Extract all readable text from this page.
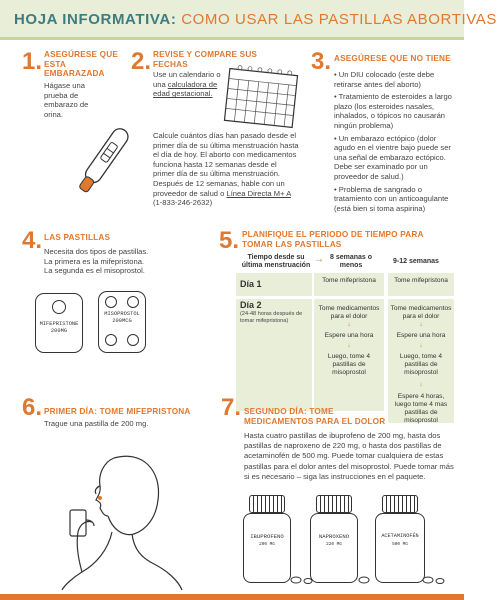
HOJA INFORMATIVA: COMO USAR LAS PASTILLAS ABORTIVAS
1. ASEGÚRESE QUE ESTA EMBARAZADA
Hágase una prueba de embarazo de orina.
2. REVISE Y COMPARE SUS FECHAS
Use un calendario o una calculadora de edad gestacional.
Calcule cuántos días han pasado desde el primer día de su última menstruación hasta el día de hoy. El aborto con medicamentos funciona hasta 12 semanas desde el primer día de su última menstruación. Después de 12 semanas, hable con un proveedor de salud o Línea Directa M+ A (1-833-246-2632)
3. ASEGÚRESE QUE NO TIENE
• Un DIU colocado (este debe retirarse antes del aborto)
• Tratamiento de esteroides a largo plazo (los esteroides nasales, inhalados, o tópicos no causarán ningún problema)
• Un embarazo ectópico (dolor agudo en el vientre bajo puede ser una señal de embarazo ectópico. Debe ser examinado por un proveedor de salud.)
• Problema de sangrado o tratamiento con un anticoagulante (está bien si toma aspirina)
4. LAS PASTILLAS
Necesita dos tipos de pastillas. La primera es la mifepristona. La segunda es el misoprostol.
MIFEPRISTONE 200MG
MISOPROSTOL 200MCG
5. PLANIFIQUE EL PERIODO DE TIEMPO PARA TOMAR LAS PASTILLAS
Tiempo desde su última menstruación
→ 8 semanas o menos
9-12 semanas
Día 1
Día 2
(24-48 horas después de tomar mifepristona)
Tome mifepristona	Tome mifepristona
Tome medicamentos para el dolor
↓
Espere una hora
↓
Luego, tome 4 pastillas de misoprostol
Tome medicamentos para el dolor
↓
Espere una hora
↓
Luego, tome 4 pastillas de misoprostol
↓
Espere 4 horas, luego tome 4 mas pastillas de misoprostol
6. PRIMER DÍA: TOME MIFEPRISTONA
Trague una pastilla de 200 mg.
7. SEGUNDO DÍA: TOME MEDICAMENTOS PARA EL DOLOR
Hasta cuatro pastillas de ibuprofeno de 200 mg, hasta dos pastillas de naproxeno de 220 mg, o hasta dos pastillas de acetaminofén de 500 mg. Puede tomar cualquiera de estas pastillas para el dolor antes del misoprostol. Puede tomar más si es necesario – siga las instrucciones en el paquete.
IBUPROFENO
200 MG
NAPROXENO
220 MG
ACETAMINOFÉN
500 MG
